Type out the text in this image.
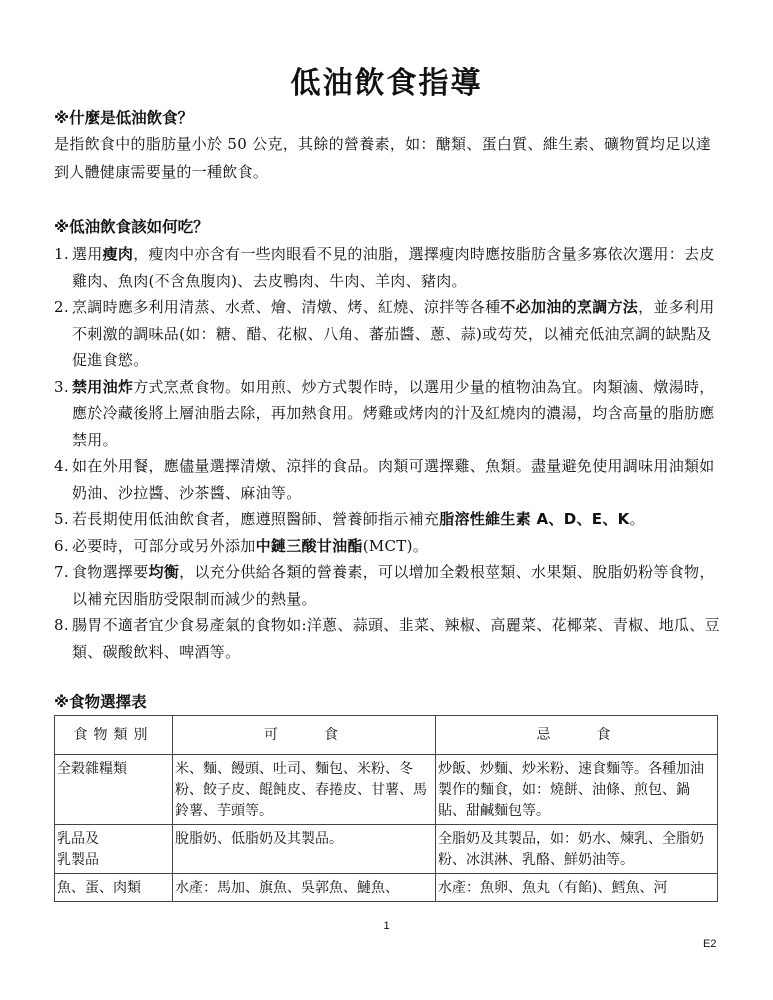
低油飲食指導
※什麼是低油飲食？
是指飲食中的脂肪量小於 50 公克，其餘的營養素，如：醣類、蛋白質、維生素、礦物質均足以達到人體健康需要量的一種飲食。
※低油飲食該如何吃？
1. 選用瘦肉，瘦肉中亦含有一些肉眼看不見的油脂，選擇瘦肉時應按脂肪含量多寡依次選用：去皮雞肉、魚肉(不含魚腹肉)、去皮鴨肉、牛肉、羊肉、豬肉。
2. 烹調時應多利用清蒸、水煮、燴、清燉、烤、紅燒、涼拌等各種不必加油的烹調方法，並多利用不刺激的調味品(如：糖、醋、花椒、八角、蕃茄醬、蔥、蒜)或芶芡，以補充低油烹調的缺點及促進食慾。
3. 禁用油炸方式烹煮食物。如用煎、炒方式製作時，以選用少量的植物油為宜。肉類滷、燉湯時，應於冷藏後將上層油脂去除，再加熱食用。烤雞或烤肉的汁及紅燒肉的濃湯，均含高量的脂肪應禁用。
4. 如在外用餐，應儘量選擇清燉、涼拌的食品。肉類可選擇雞、魚類。盡量避免使用調味用油類如奶油、沙拉醬、沙茶醬、麻油等。
5. 若長期使用低油飲食者，應遵照醫師、營養師指示補充脂溶性維生素 A、D、E、K。
6. 必要時，可部分或另外添加中鏈三酸甘油酯(MCT)。
7. 食物選擇要均衡，以充分供給各類的營養素，可以增加全穀根莖類、水果類、脫脂奶粉等食物，以補充因脂肪受限制而減少的熱量。
8. 腸胃不適者宜少食易產氣的食物如:洋蔥、蒜頭、韭菜、辣椒、高麗菜、花椰菜、青椒、地瓜、豆類、碳酸飲料、啤酒等。
※食物選擇表
食物類別	可　　食	忌　　食
全穀雜糧類	米、麵、饅頭、吐司、麵包、米粉、冬粉、餃子皮、餛飩皮、春捲皮、甘薯、馬鈴薯、芋頭等。	炒飯、炒麵、炒米粉、速食麵等。各種加油製作的麵食，如：燒餅、油條、煎包、鍋貼、甜鹹麵包等。
乳品及
乳製品	脫脂奶、低脂奶及其製品。	全脂奶及其製品，如：奶水、煉乳、全脂奶粉、冰淇淋、乳酪、鮮奶油等。
魚、蛋、肉類	水產：馬加、旗魚、吳郭魚、鰱魚、	水產：魚卵、魚丸（有餡)、鱈魚、河
1
E2
